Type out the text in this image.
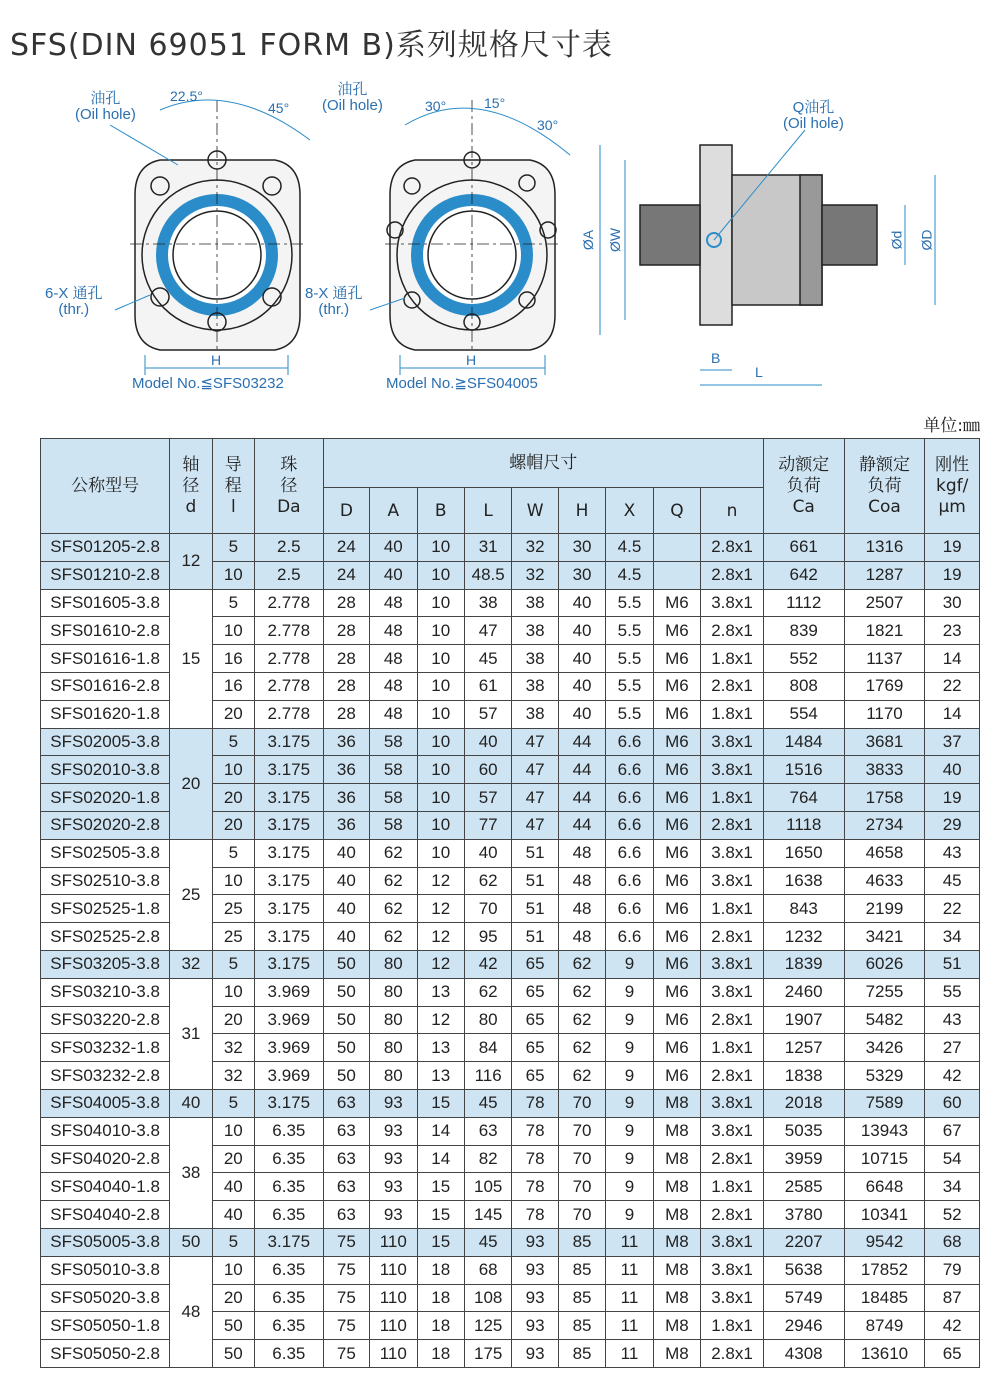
SFS(DIN 69051 FORM B)系列规格尺寸表
油孔
(Oil hole)
22.5°
45°
6-X 通孔
(thr.)
H
Model No.≦SFS03232
油孔
(Oil hole)	30°	15°
30°
8-X 通孔
(thr.)
H
Model No.≧SFS04005
Q油孔
(Oil hole)
ØA ØW	Ød ØD
B
L
单位:㎜
公称型号	轴
径
d	导
程
l	珠
径
Da	螺帽尺寸									动额定
负荷
Ca	静额定
负荷
Coa	刚性
kgf/
μm
				D	A	B	L	W	H	X	Q	n			
SFS01205-2.8	12	5	2.5	24	40	10	31	32	30	4.5		2.8x1	661	1316	19
SFS01210-2.8		10	2.5	24	40	10	48.5	32	30	4.5		2.8x1	642	1287	19
SFS01605-3.8	15	5	2.778	28	48	10	38	38	40	5.5	M6	3.8x1	1112	2507	30
SFS01610-2.8		10	2.778	28	48	10	47	38	40	5.5	M6	2.8x1	839	1821	23
SFS01616-1.8		16	2.778	28	48	10	45	38	40	5.5	M6	1.8x1	552	1137	14
SFS01616-2.8		16	2.778	28	48	10	61	38	40	5.5	M6	2.8x1	808	1769	22
SFS01620-1.8		20	2.778	28	48	10	57	38	40	5.5	M6	1.8x1	554	1170	14
SFS02005-3.8	20	5	3.175	36	58	10	40	47	44	6.6	M6	3.8x1	1484	3681	37
SFS02010-3.8		10	3.175	36	58	10	60	47	44	6.6	M6	3.8x1	1516	3833	40
SFS02020-1.8		20	3.175	36	58	10	57	47	44	6.6	M6	1.8x1	764	1758	19
SFS02020-2.8		20	3.175	36	58	10	77	47	44	6.6	M6	2.8x1	1118	2734	29
SFS02505-3.8	25	5	3.175	40	62	10	40	51	48	6.6	M6	3.8x1	1650	4658	43
SFS02510-3.8		10	3.175	40	62	12	62	51	48	6.6	M6	3.8x1	1638	4633	45
SFS02525-1.8		25	3.175	40	62	12	70	51	48	6.6	M6	1.8x1	843	2199	22
SFS02525-2.8		25	3.175	40	62	12	95	51	48	6.6	M6	2.8x1	1232	3421	34
SFS03205-3.8	32	5	3.175	50	80	12	42	65	62	9	M6	3.8x1	1839	6026	51
SFS03210-3.8	31	10	3.969	50	80	13	62	65	62	9	M6	3.8x1	2460	7255	55
SFS03220-2.8		20	3.969	50	80	12	80	65	62	9	M6	2.8x1	1907	5482	43
SFS03232-1.8		32	3.969	50	80	13	84	65	62	9	M6	1.8x1	1257	3426	27
SFS03232-2.8		32	3.969	50	80	13	116	65	62	9	M6	2.8x1	1838	5329	42
SFS04005-3.8	40	5	3.175	63	93	15	45	78	70	9	M8	3.8x1	2018	7589	60
SFS04010-3.8	38	10	6.35	63	93	14	63	78	70	9	M8	3.8x1	5035	13943	67
SFS04020-2.8		20	6.35	63	93	14	82	78	70	9	M8	2.8x1	3959	10715	54
SFS04040-1.8		40	6.35	63	93	15	105	78	70	9	M8	1.8x1	2585	6648	34
SFS04040-2.8		40	6.35	63	93	15	145	78	70	9	M8	2.8x1	3780	10341	52
SFS05005-3.8	50	5	3.175	75	110	15	45	93	85	11	M8	3.8x1	2207	9542	68
SFS05010-3.8	48	10	6.35	75	110	18	68	93	85	11	M8	3.8x1	5638	17852	79
SFS05020-3.8		20	6.35	75	110	18	108	93	85	11	M8	3.8x1	5749	18485	87
SFS05050-1.8		50	6.35	75	110	18	125	93	85	11	M8	1.8x1	2946	8749	42
SFS05050-2.8		50	6.35	75	110	18	175	93	85	11	M8	2.8x1	4308	13610	65
